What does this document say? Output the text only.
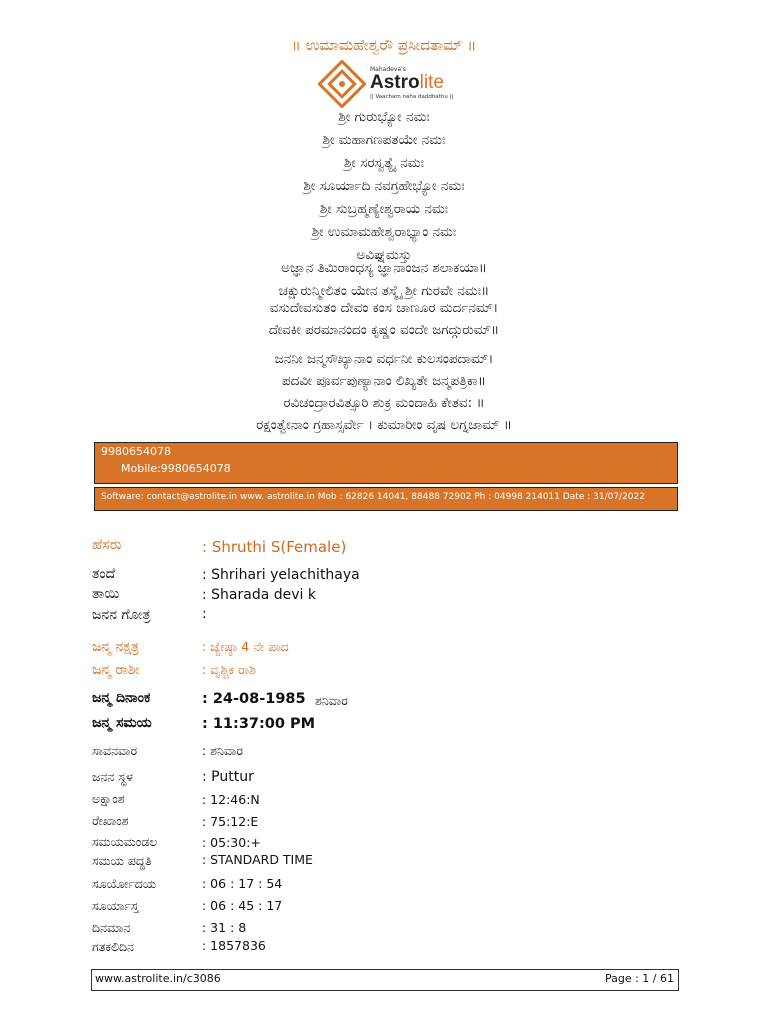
॥ ಉಮಾಮಹೇಶ್ವರೌ ಪ್ರಸೀದತಾಮ್ ॥
Mahadeva's
Astrolite
|| Vaacham naha daddhathu ||
ಶ್ರೀ ಗುರುಭ್ಯೋ ನಮಃ
ಶ್ರೀ ಮಹಾಗಣಪತಯೇ ನಮಃ
ಶ್ರೀ ಸರಸ್ವತ್ಯೈ ನಮಃ
ಶ್ರೀ ಸೂರ್ಯಾದಿ ನವಗ್ರಹೇಭ್ಯೋ ನಮಃ
ಶ್ರೀ ಸುಬ್ರಹ್ಮಣ್ಯೇಶ್ವರಾಯ ನಮಃ
ಶ್ರೀ ಉಮಾಮಹೇಶ್ವರಾಭ್ಯಾಂ ನಮಃ
ಅವಿಘ್ನಮಸ್ತು
ಅಜ್ಞಾನ ತಿಮಿರಾಂಧಸ್ಯ ಜ್ಞಾನಾಂಜನ ಶಲಾಕಯಾ॥
ಚಕ್ಷುರುನ್ಮೀಲಿತಂ ಯೇನ ತಸ್ಮೈ ಶ್ರೀ ಗುರವೇ ನಮಃ॥
ವಸುದೇವಸುತಂ ದೇವಂ ಕಂಸ ಚಾಣೂರ ಮರ್ದನಮ್।
ದೇವಕೀ ಪರಮಾನಂದಂ ಕೃಷ್ಣಂ ವಂದೇ ಜಗದ್ಗುರುಮ್॥
ಜನನೀ ಜನ್ಮಸೌಖ್ಯಾನಾಂ ವರ್ಧನೀ ಕುಲಸಂಪದಾಮ್।
ಪದವೀ ಪೂರ್ವಪುಣ್ಯಾನಾಂ ಲಿಖ್ಯತೇ ಜನ್ಮಪತ್ರಿಕಾ॥
ರವಿಚಂದ್ರಾರವಿತ್ಸೂರಿ ಶುಕ್ರ ಮಂದಾಹಿ ಕೇತವ: ॥
ರಕ್ಷಂತ್ವೇನಾಂ ಗ್ರಹಾಸ್ಸರ್ವೇ । ಕುಮಾರೀಂ ವೃಷ ಲಗ್ನಜಾಮ್ ॥
9980654078
Mobile:9980654078
Software: contact@astrolite.in www. astrolite.in Mob : 62826 14041, 88488 72902 Ph : 04998 214011 Date : 31/07/2022
ಹೆಸರು	: Shruthi S(Female)
ತಂದೆ	: Shrihari yelachithaya
ತಾಯಿ	: Sharada devi k
ಜನನ ಗೋತ್ರ	:
ಜನ್ಮ ನಕ್ಷತ್ರ	: ಜ್ಯೇಷ್ಠಾ 4 ನೇ ಪಾದ
ಜನ್ಮ ರಾಶೀ	: ವೃಶ್ಚಿಕ ರಾಶಿ
ಜನ್ಮ ದಿನಾಂಕ	: 24-08-1985 ಶನಿವಾರ
ಜನ್ಮ ಸಮಯ	: 11:37:00 PM
ಸಾವನವಾರ	: ಶನಿವಾರ
ಜನನ ಸ್ಥಳ	: Puttur
ಅಕ್ಷಾಂಶ	: 12:46:N
ರೇಖಾಂಶ	: 75:12:E
ಸಮಯಮಂಡಲ	: 05:30:+
ಸಮಯ ಪದ್ಧತಿ	: STANDARD TIME
ಸೂರ್ಯೋದಯ	: 06 : 17 : 54
ಸೂರ್ಯಾಸ್ತ	: 06 : 45 : 17
ದಿನಮಾನ	: 31 : 8
ಗತಕಲಿದಿನ	: 1857836
www.astrolite.in/c3086	Page : 1 / 61
